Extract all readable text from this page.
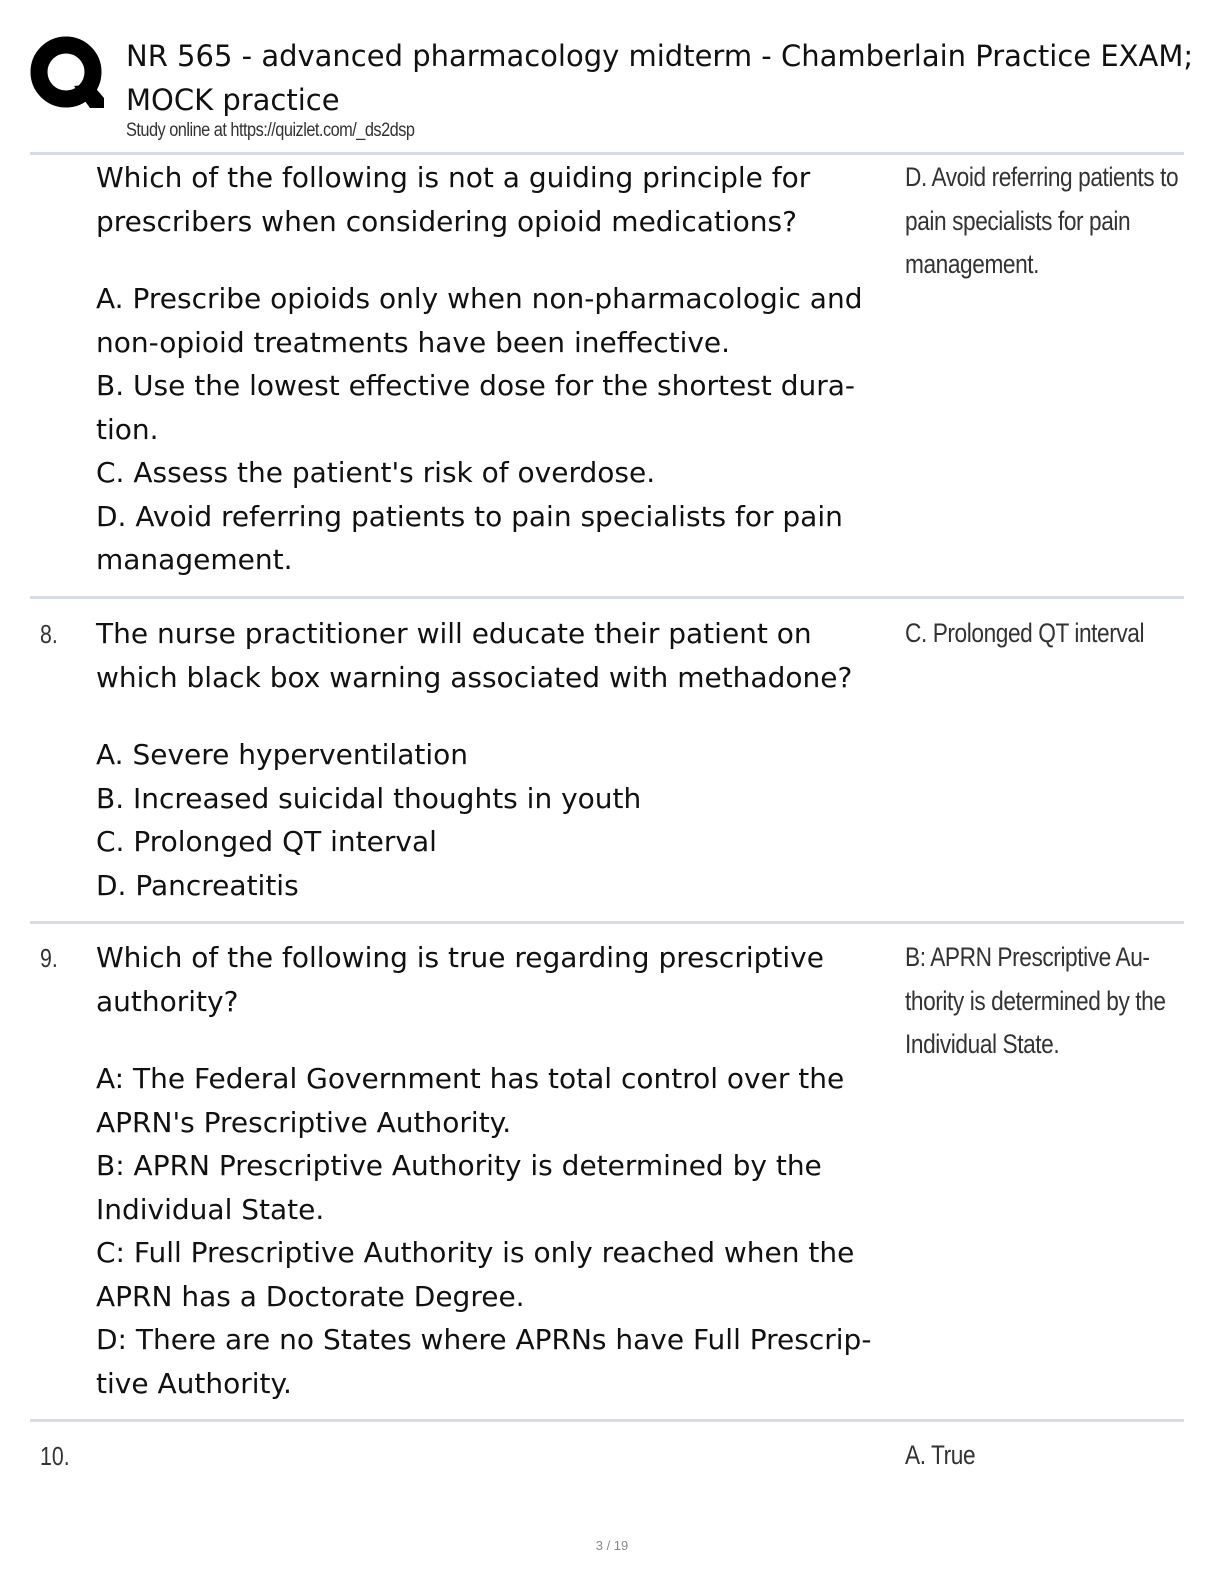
NR 565 - advanced pharmacology midterm - Chamberlain Practice EXAM; MOCK practice
Study online at https://quizlet.com/_ds2dsp

Which of the following is not a guiding principle for prescribers when considering opioid medications?

A. Prescribe opioids only when non-pharmacologic and non-opioid treatments have been ineffective.

B. Use the lowest effective dose for the shortest dura-tion.

C. Assess the patient's risk of overdose.

D. Avoid referring patients to pain specialists for pain management.

D. Avoid referring patients to pain specialists for pain management.
8. The nurse practitioner will educate their patient on which black box warning associated with methadone?

A. Severe hyperventilation

B. Increased suicidal thoughts in youth

C. Prolonged QT interval

D. Pancreatitis

C. Prolonged QT interval
9. Which of the following is true regarding prescriptive authority?

A: The Federal Government has total control over the APRN's Prescriptive Authority.

B: APRN Prescriptive Authority is determined by the Individual State.

C: Full Prescriptive Authority is only reached when the APRN has a Doctorate Degree.

D: There are no States where APRNs have Full Prescrip-tive Authority.

B: APRN Prescriptive Au-thority is determined by the Individual State.
10.	A. True
3 / 19
